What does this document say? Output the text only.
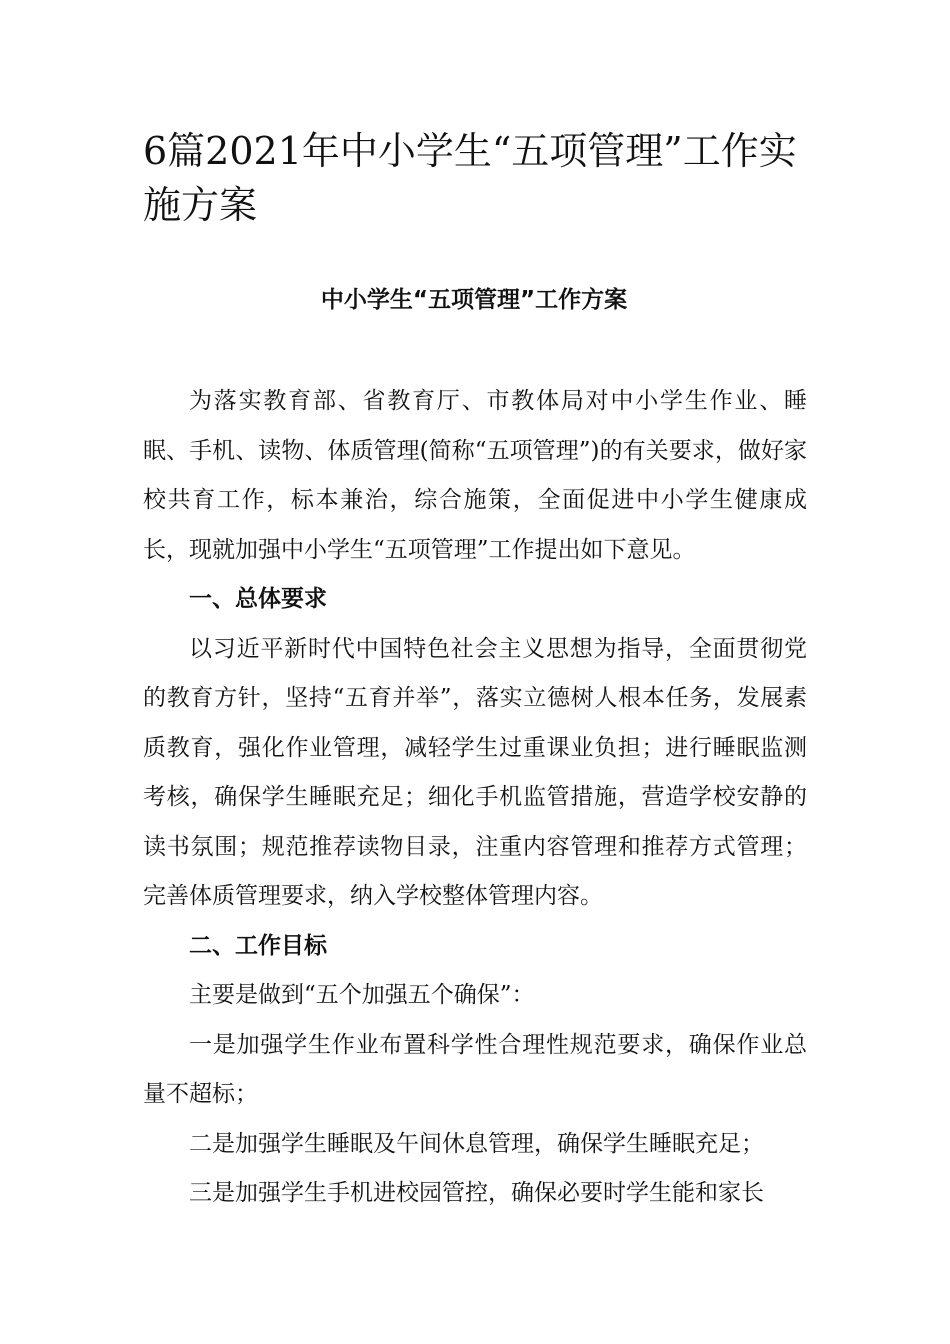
6篇2021年中小学生“五项管理”工作实施方案
中小学生“五项管理”工作方案

为落实教育部、省教育厅、市教体局对中小学生作业、睡眠、手机、读物、体质管理(简称“五项管理”)的有关要求，做好家校共育工作，标本兼治，综合施策，全面促进中小学生健康成长，现就加强中小学生“五项管理”工作提出如下意见。

一、总体要求

以习近平新时代中国特色社会主义思想为指导，全面贯彻党的教育方针，坚持“五育并举”，落实立德树人根本任务，发展素质教育，强化作业管理，减轻学生过重课业负担；进行睡眠监测考核，确保学生睡眠充足；细化手机监管措施，营造学校安静的读书氛围；规范推荐读物目录，注重内容管理和推荐方式管理；完善体质管理要求，纳入学校整体管理内容。

二、工作目标

主要是做到“五个加强五个确保”：

一是加强学生作业布置科学性合理性规范要求，确保作业总量不超标；

二是加强学生睡眠及午间休息管理，确保学生睡眠充足；

三是加强学生手机进校园管控，确保必要时学生能和家长
